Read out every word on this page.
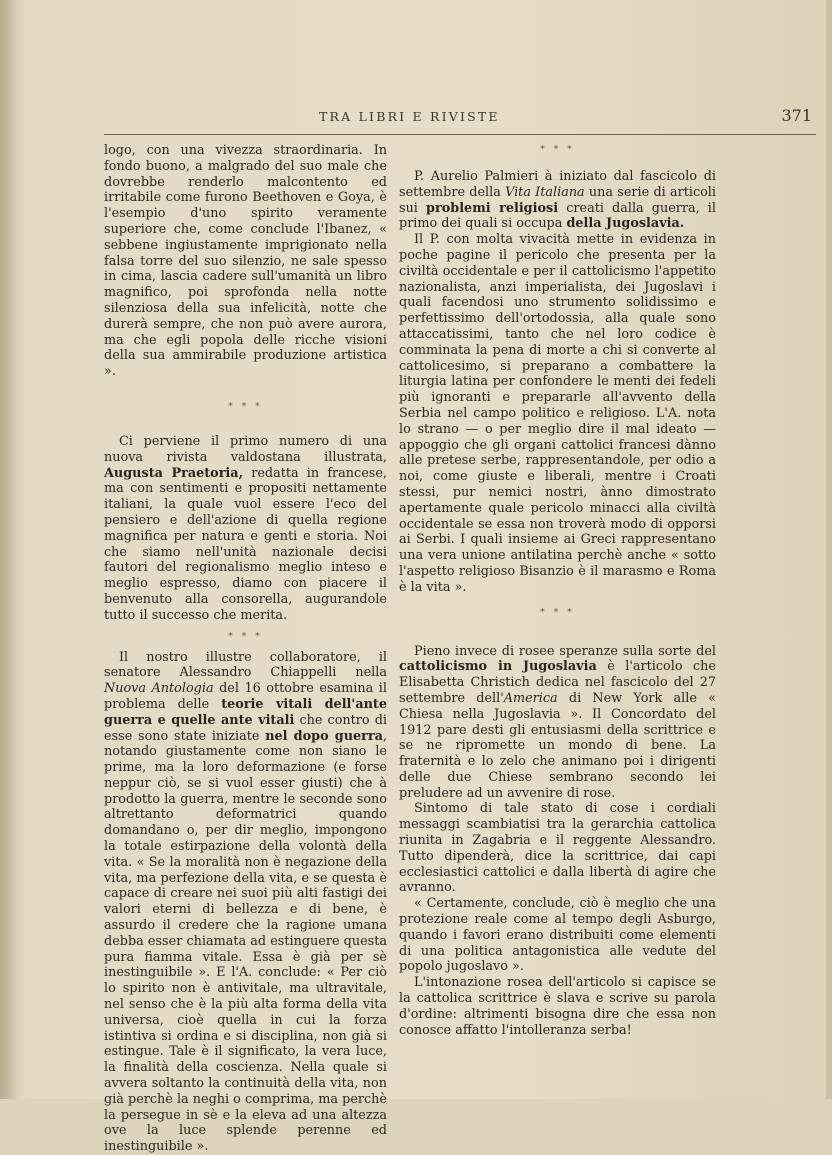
TRA LIBRI E RIVISTE	371

logo, con una vivezza straordinaria. In fondo buono, a malgrado del suo male che dovrebbe renderlo malcontento ed irritabile come furono Beethoven e Goya, è l'esempio d'uno spirito veramente superiore che, come conclude l'Ibanez, « sebbene ingiustamente imprigionato nella falsa torre del suo silenzio, ne sale spesso in cima, lascia cadere sull'umanità un libro magnifico, poi sprofonda nella notte silenziosa della sua infelicità, notte che durerà sempre, che non può avere aurora, ma che egli popola delle ricche visioni della sua ammirabile produzione artistica ».

* * *

Ci perviene il primo numero di una nuova rivista valdostana illustrata, Augusta Praetoria, redatta in francese, ma con sentimenti e propositi nettamente italiani, la quale vuol essere l'eco del pensiero e dell'azione di quella regione magnifica per natura e genti e storia. Noi che siamo nell'unità nazionale decisi fautori del regionalismo meglio inteso e meglio espresso, diamo con piacere il benvenuto alla consorella, augurandole tutto il successo che merita.

* * *

Il nostro illustre collaboratore, il senatore Alessandro Chiappelli nella Nuova Antologia del 16 ottobre esamina il problema delle teorie vitali dell'ante guerra e quelle ante vitali che contro di esse sono state iniziate nel dopo guerra, notando giustamente come non siano le prime, ma la loro deformazione (e forse neppur ciò, se si vuol esser giusti) che à prodotto la guerra, mentre le seconde sono altrettanto deformatrici quando domandano o, per dir meglio, impongono la totale estirpazione della volontà della vita. « Se la moralità non è negazione della vita, ma perfezione della vita, e se questa è capace di creare nei suoi più alti fastigi dei valori eterni di bellezza e di bene, è assurdo il credere che la ragione umana debba esser chiamata ad estinguere questa pura fiamma vitale. Essa è già per sè inestinguibile ». E l'A. conclude: « Per ciò lo spirito non è antivitale, ma ultravitale, nel senso che è la più alta forma della vita universa, cioè quella in cui la forza istintiva si ordina e si disciplina, non già si estingue. Tale è il significato, la vera luce, la finalità della coscienza. Nella quale si avvera soltanto la continuità della vita, non già perchè la neghi o comprima, ma perchè la persegue in sè e la eleva ad una altezza ove la luce splende perenne ed inestinguibile ».

* * *

P. Aurelio Palmieri à iniziato dal fascicolo di settembre della Vita Italiana una serie di articoli sui problemi religiosi creati dalla guerra, il primo dei quali si occupa della Jugoslavia.

Il P. con molta vivacità mette in evidenza in poche pagine il pericolo che presenta per la civiltà occidentale e per il cattolicismo l'appetito nazionalista, anzi imperialista, dei Jugoslavi i quali facendosi uno strumento solidissimo e perfettissimo dell'ortodossia, alla quale sono attaccatissimi, tanto che nel loro codice è comminata la pena di morte a chi si converte al cattolicesimo, si preparano a combattere la liturgia latina per confondere le menti dei fedeli più ignoranti e prepararle all'avvento della Serbia nel campo politico e religioso. L'A. nota lo strano — o per meglio dire il mal ideato — appoggio che gli organi cattolici francesi dànno alle pretese serbe, rappresentandole, per odio a noi, come giuste e liberali, mentre i Croati stessi, pur nemici nostri, ànno dimostrato apertamente quale pericolo minacci alla civiltà occidentale se essa non troverà modo di opporsi ai Serbi. I quali insieme ai Greci rappresentano una vera unione antilatina perchè anche « sotto l'aspetto religioso Bisanzio è il marasmo e Roma è la vita ».

* * *

Pieno invece di rosee speranze sulla sorte del cattolicismo in Jugoslavia è l'articolo che Elisabetta Christich dedica nel fascicolo del 27 settembre dell'America di New York alle « Chiesa nella Jugoslavia ». Il Concordato del 1912 pare desti gli entusiasmi della scrittrice e se ne ripromette un mondo di bene. La fraternità e lo zelo che animano poi i dirigenti delle due Chiese sembrano secondo lei preludere ad un avvenire di rose.

Sintomo di tale stato di cose i cordiali messaggi scambiatisi tra la gerarchia cattolica riunita in Zagabria e il reggente Alessandro. Tutto dipenderà, dice la scrittrice, dai capi ecclesiastici cattolici e dalla libertà di agire che avranno.

« Certamente, conclude, ciò è meglio che una protezione reale come al tempo degli Asburgo, quando i favori erano distribuiti come elementi di una politica antagonistica alle vedute del popolo jugoslavo ».

L'intonazione rosea dell'articolo si capisce se la cattolica scrittrice è slava e scrive su parola d'ordine: altrimenti bisogna dire che essa non conosce affatto l'intolleranza serba!
